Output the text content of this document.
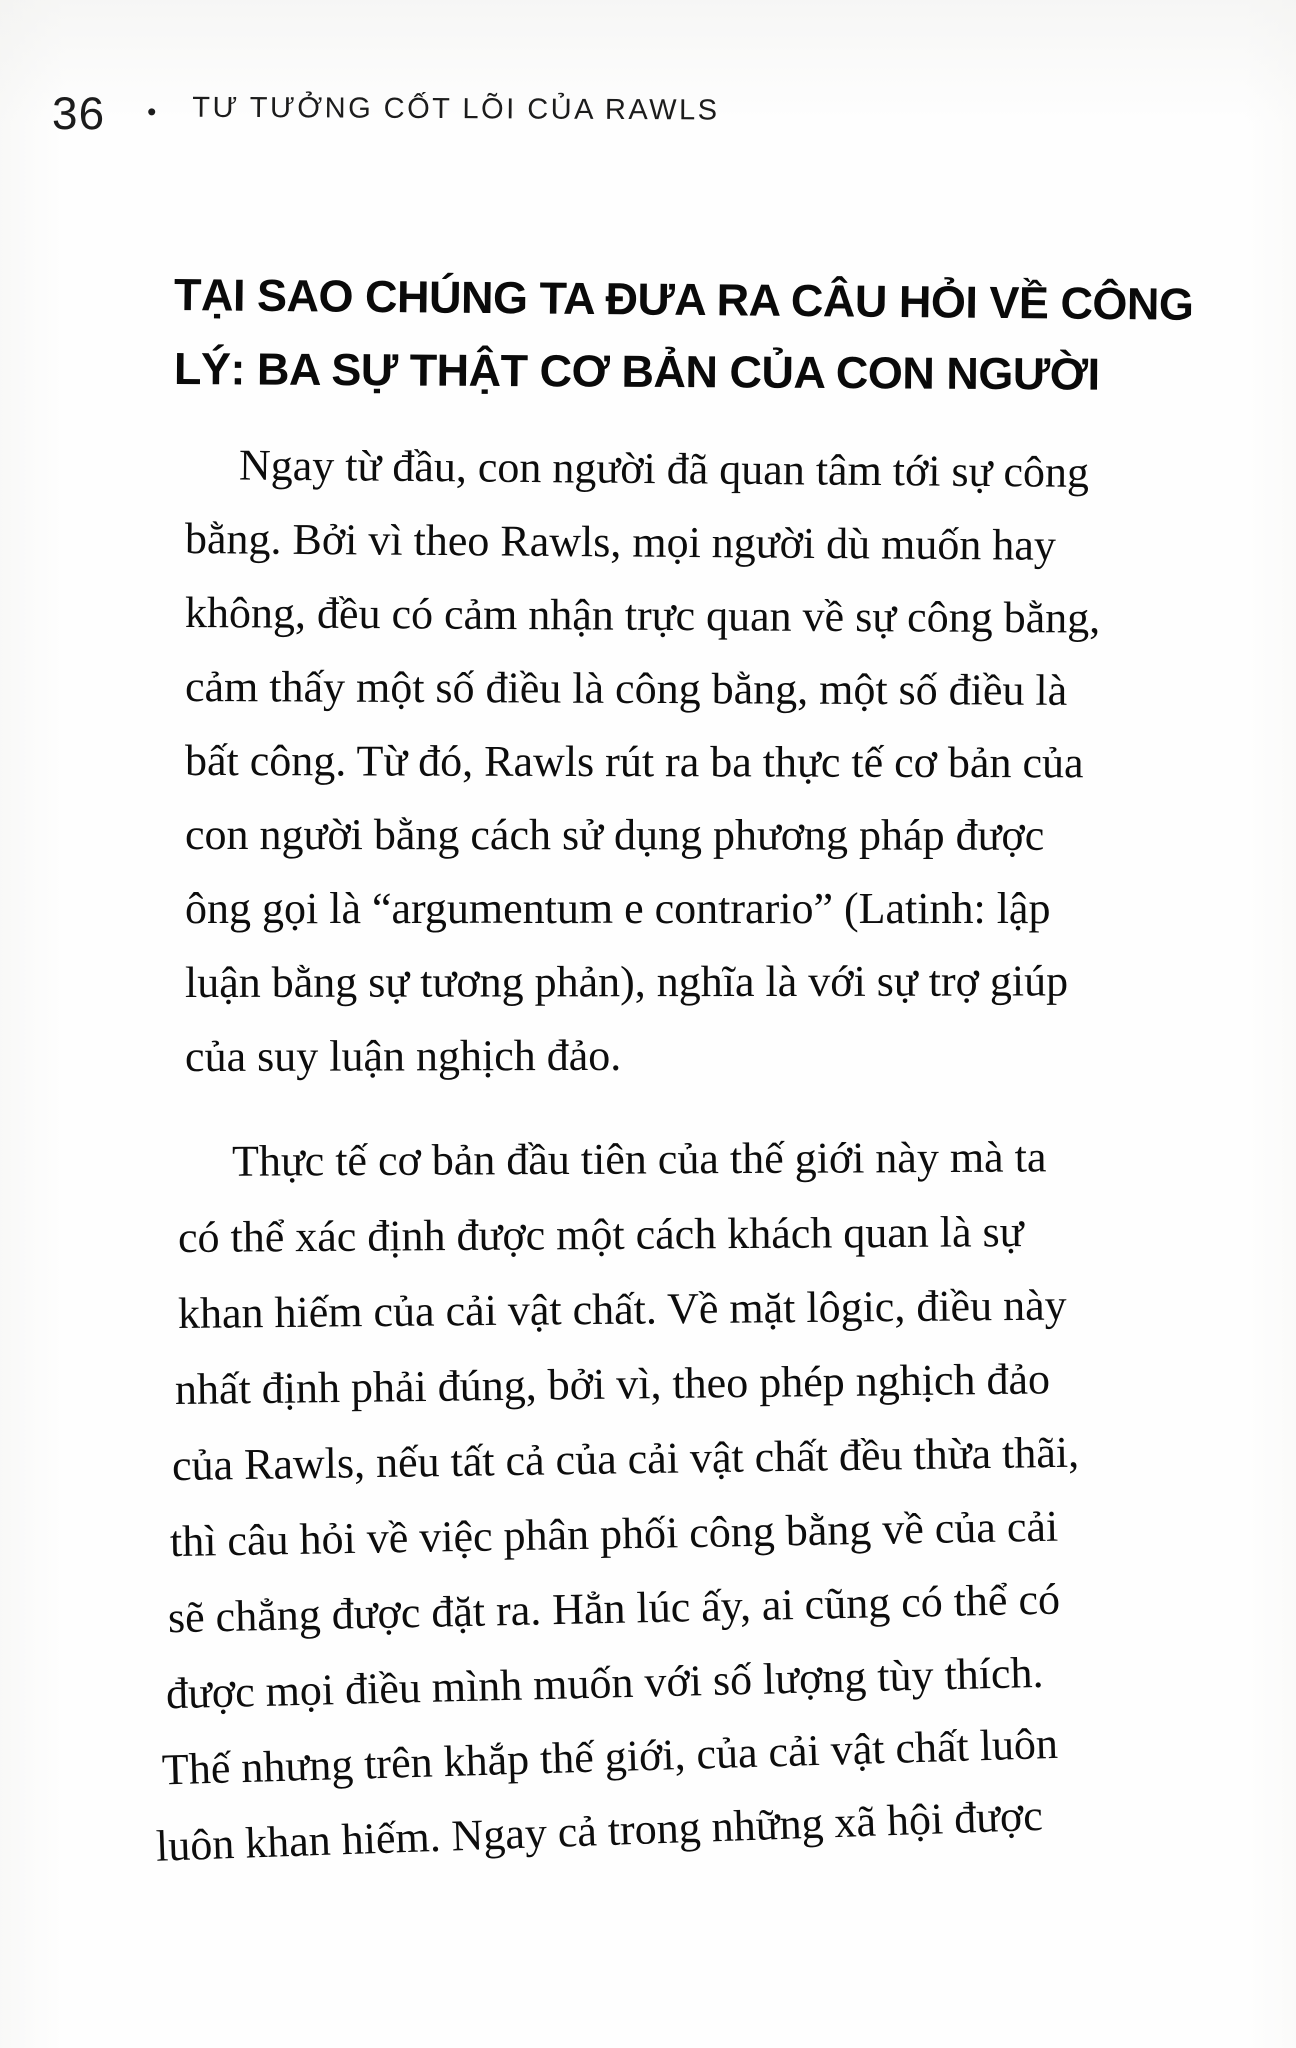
36 • TƯ TƯỞNG CỐT LÕI CỦA RAWLS
TẠI SAO CHÚNG TA ĐƯA RA CÂU HỎI VỀ CÔNG
LÝ: BA SỰ THẬT CƠ BẢN CỦA CON NGƯỜI
Ngay từ đầu, con người đã quan tâm tới sự công
bằng. Bởi vì theo Rawls, mọi người dù muốn hay
không, đều có cảm nhận trực quan về sự công bằng,
cảm thấy một số điều là công bằng, một số điều là
bất công. Từ đó, Rawls rút ra ba thực tế cơ bản của
con người bằng cách sử dụng phương pháp được
ông gọi là “argumentum e contrario” (Latinh: lập
luận bằng sự tương phản), nghĩa là với sự trợ giúp
của suy luận nghịch đảo.
Thực tế cơ bản đầu tiên của thế giới này mà ta
có thể xác định được một cách khách quan là sự
khan hiếm của cải vật chất. Về mặt lôgic, điều này
nhất định phải đúng, bởi vì, theo phép nghịch đảo
của Rawls, nếu tất cả của cải vật chất đều thừa thãi,
thì câu hỏi về việc phân phối công bằng về của cải
sẽ chẳng được đặt ra. Hẳn lúc ấy, ai cũng có thể có
được mọi điều mình muốn với số lượng tùy thích.
Thế nhưng trên khắp thế giới, của cải vật chất luôn
luôn khan hiếm. Ngay cả trong những xã hội được
